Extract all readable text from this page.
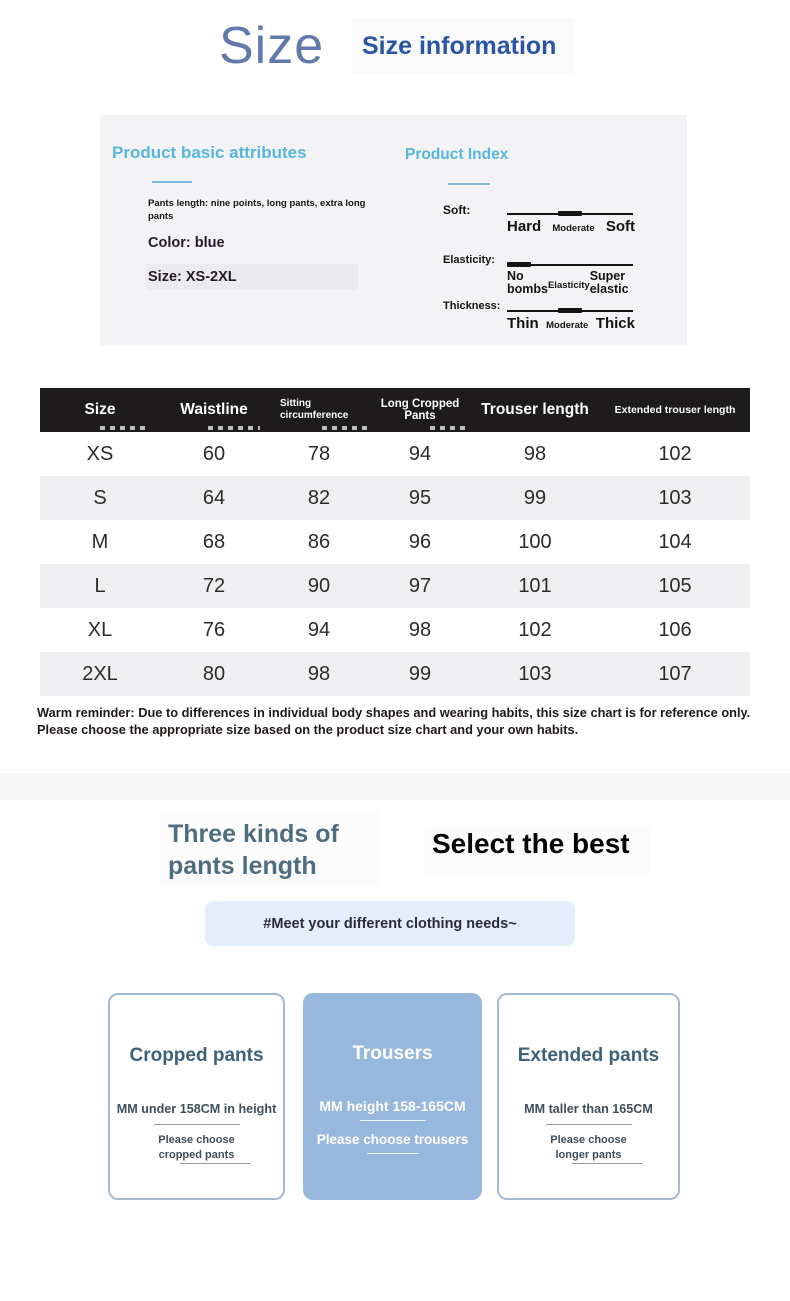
Size Size information
Product basic attributes
Pants length: nine points, long pants, extra long pants
Color: blue
Size: XS-2XL
Product Index
Soft:
Hard Moderate Soft
Elasticity:
No bombs Elasticity
Super elastic
Thickness:
Thin Moderate Thick
Size	Waistline	Sitting circumference	Long Cropped Pants	Trouser length	Extended trouser length
XS	60	78	94	98	102
S	64	82	95	99	103
M	68	86	96	100	104
L	72	90	97	101	105
XL	76	94	98	102	106
2XL	80	98	99	103	107
Warm reminder: Due to differences in individual body shapes and wearing habits, this size chart is for reference only. Please choose the appropriate size based on the product size chart and your own habits.
Three kinds of
pants length
Select the best
#Meet your different clothing needs~
Cropped pants
MM under 158CM in height
Please choose cropped pants
Trousers
MM height 158-165CM
Please choose trousers
Extended pants
MM taller than 165CM
Please choose longer pants
